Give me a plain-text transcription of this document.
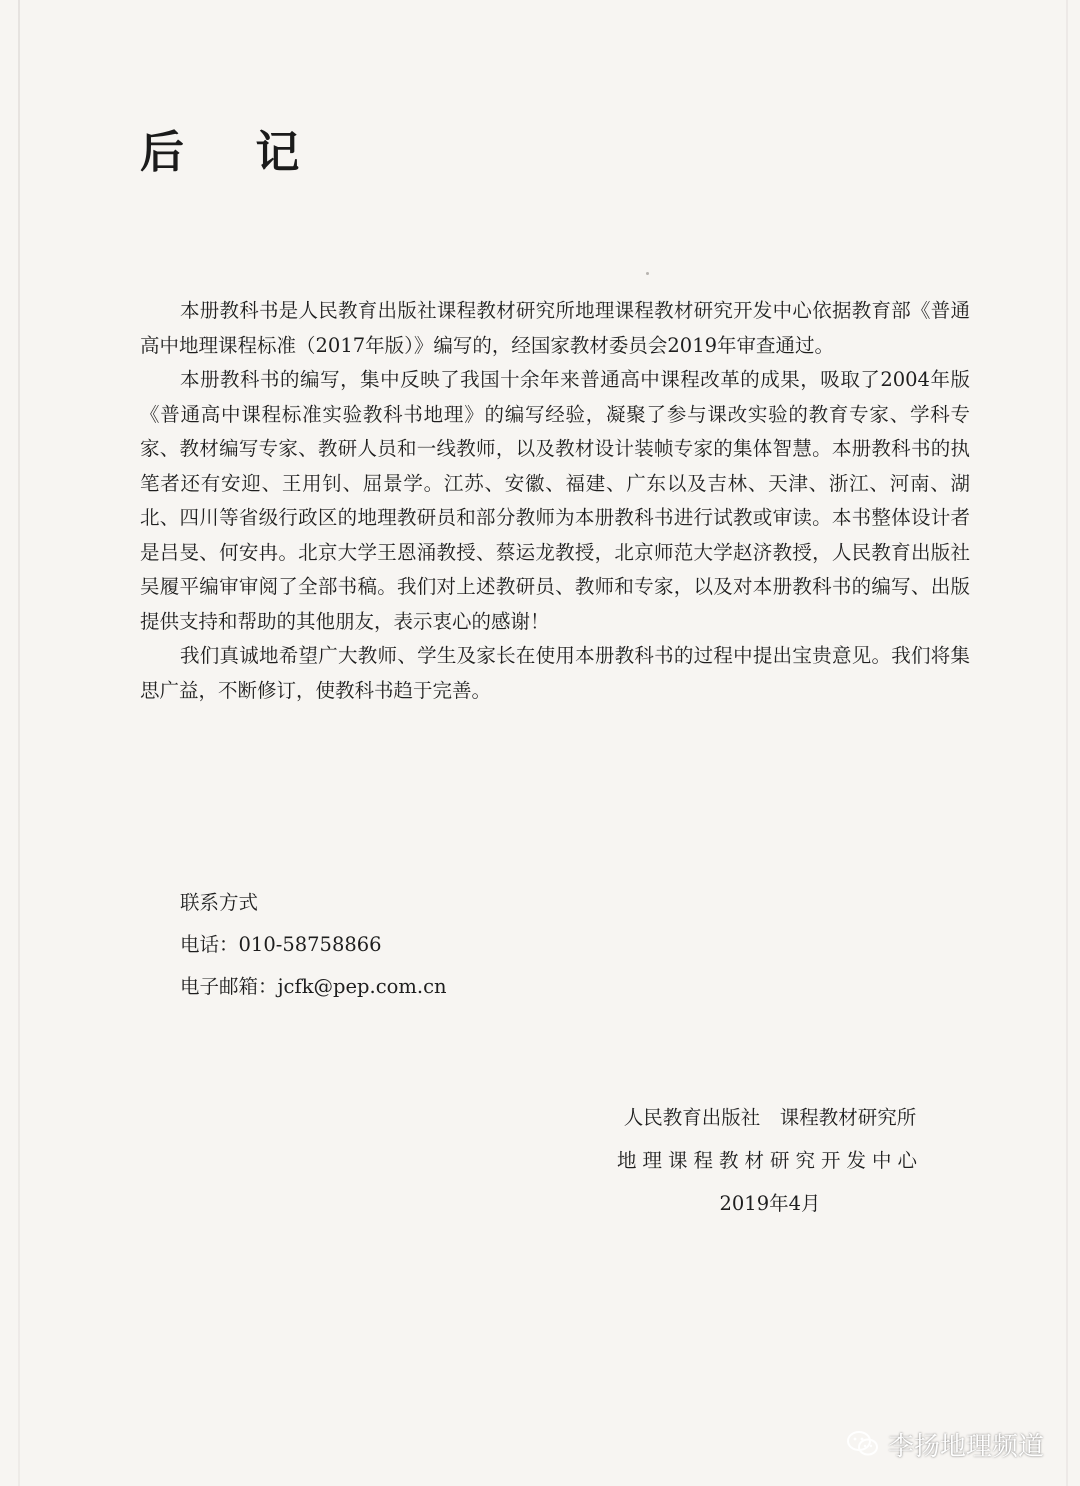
后 记

本册教科书是人民教育出版社课程教材研究所地理课程教材研究开发中心依据教育部《普通高中地理课程标准（2017年版）》编写的，经国家教材委员会2019年审查通过。

本册教科书的编写，集中反映了我国十余年来普通高中课程改革的成果，吸取了2004年版《普通高中课程标准实验教科书地理》的编写经验，凝聚了参与课改实验的教育专家、学科专家、教材编写专家、教研人员和一线教师，以及教材设计装帧专家的集体智慧。本册教科书的执笔者还有安迎、王用钊、屈景学。江苏、安徽、福建、广东以及吉林、天津、浙江、河南、湖北、四川等省级行政区的地理教研员和部分教师为本册教科书进行试教或审读。本书整体设计者是吕旻、何安冉。北京大学王恩涌教授、蔡运龙教授，北京师范大学赵济教授，人民教育出版社吴履平编审审阅了全部书稿。我们对上述教研员、教师和专家，以及对本册教科书的编写、出版提供支持和帮助的其他朋友，表示衷心的感谢！

我们真诚地希望广大教师、学生及家长在使用本册教科书的过程中提出宝贵意见。我们将集思广益，不断修订，使教科书趋于完善。

联系方式
电话：010-58758866
电子邮箱：jcfk@pep.com.cn
人民教育出版社　课程教材研究所
地理课程教材研究开发中心
2019年4月
李扬地理频道
